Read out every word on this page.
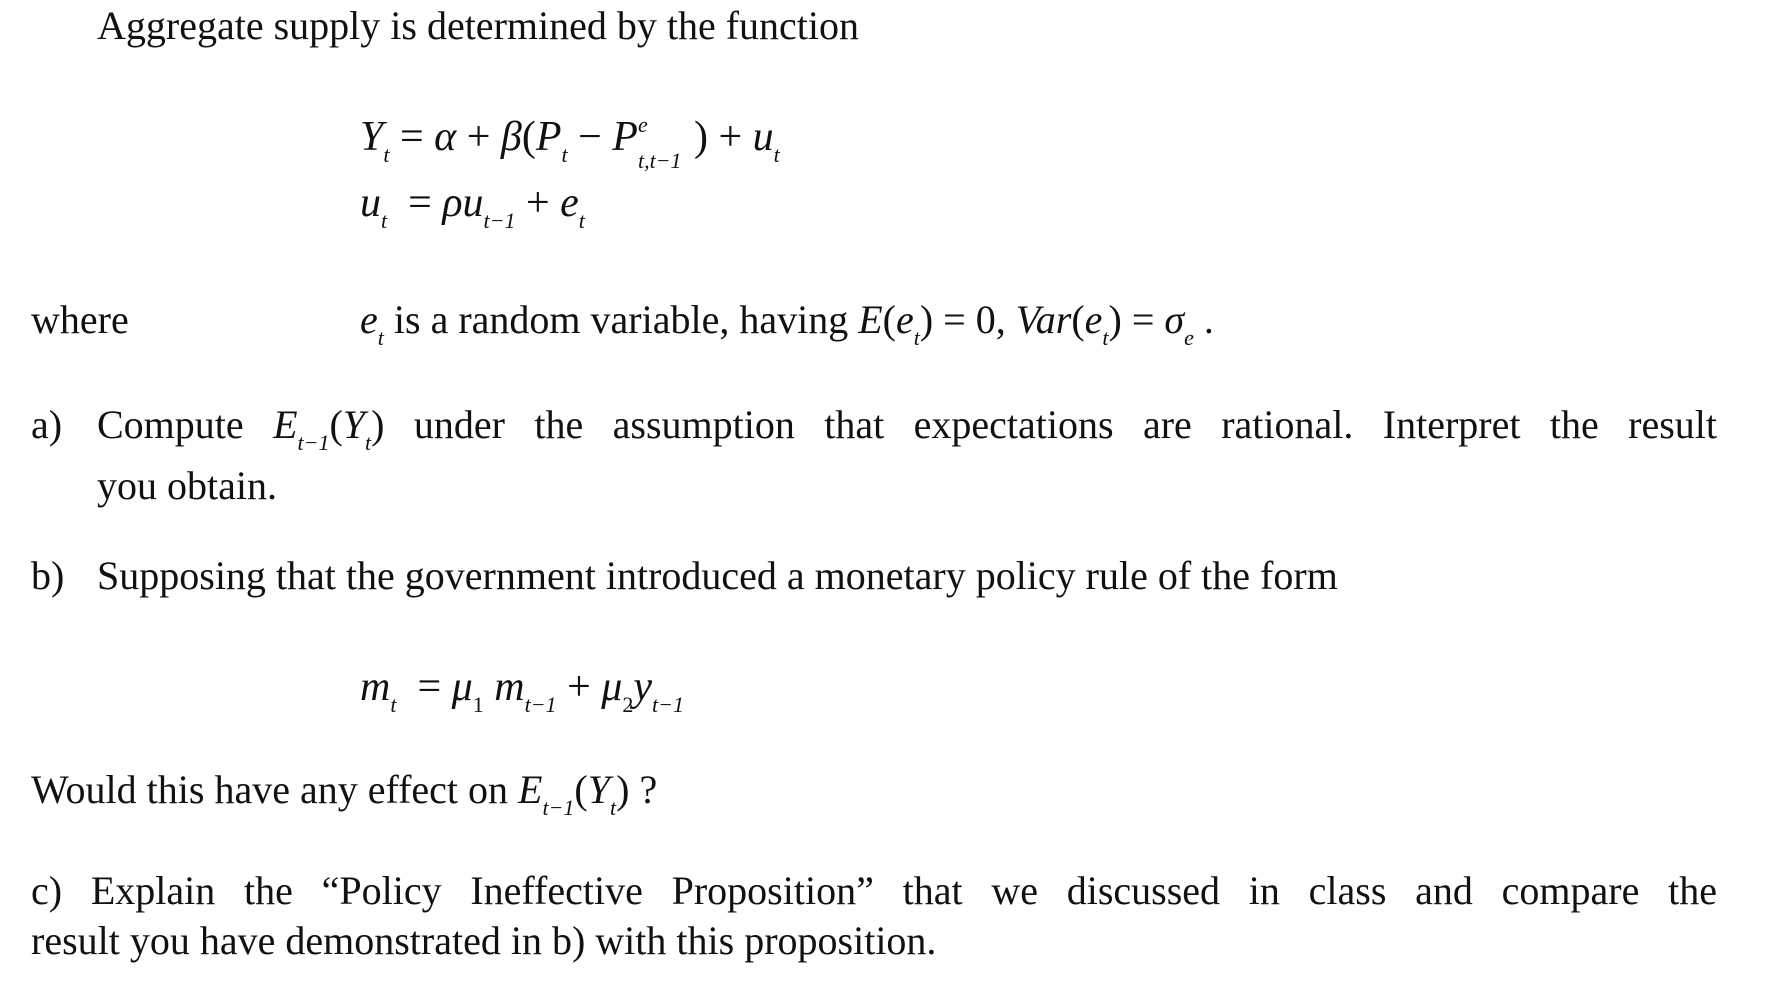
Aggregate supply is determined by the function
$Y_t = \alpha + \beta(P_t - P$ e
t,t−1
) + $u_t$
$u_t = \rho u_{t-1} + e_t$
where	$e_t$ is a random variable, having $E(e_t) = 0$, $Var(e_t) = \sigma_e$ .
a) Compute $E_{t-1}(Y_t)$ under the assumption that expectations are rational. Interpret the result
you obtain.
b) Supposing that the government introduced a monetary policy rule of the form
$m_t = \mu_1$ $m_{t-1} + \mu_2y_{t-1}$
Would this have any effect on $E_{t-1}(Y_t)$ ?
c) Explain the “Policy Ineffective Proposition” that we discussed in class and compare the
result you have demonstrated in b) with this proposition.
